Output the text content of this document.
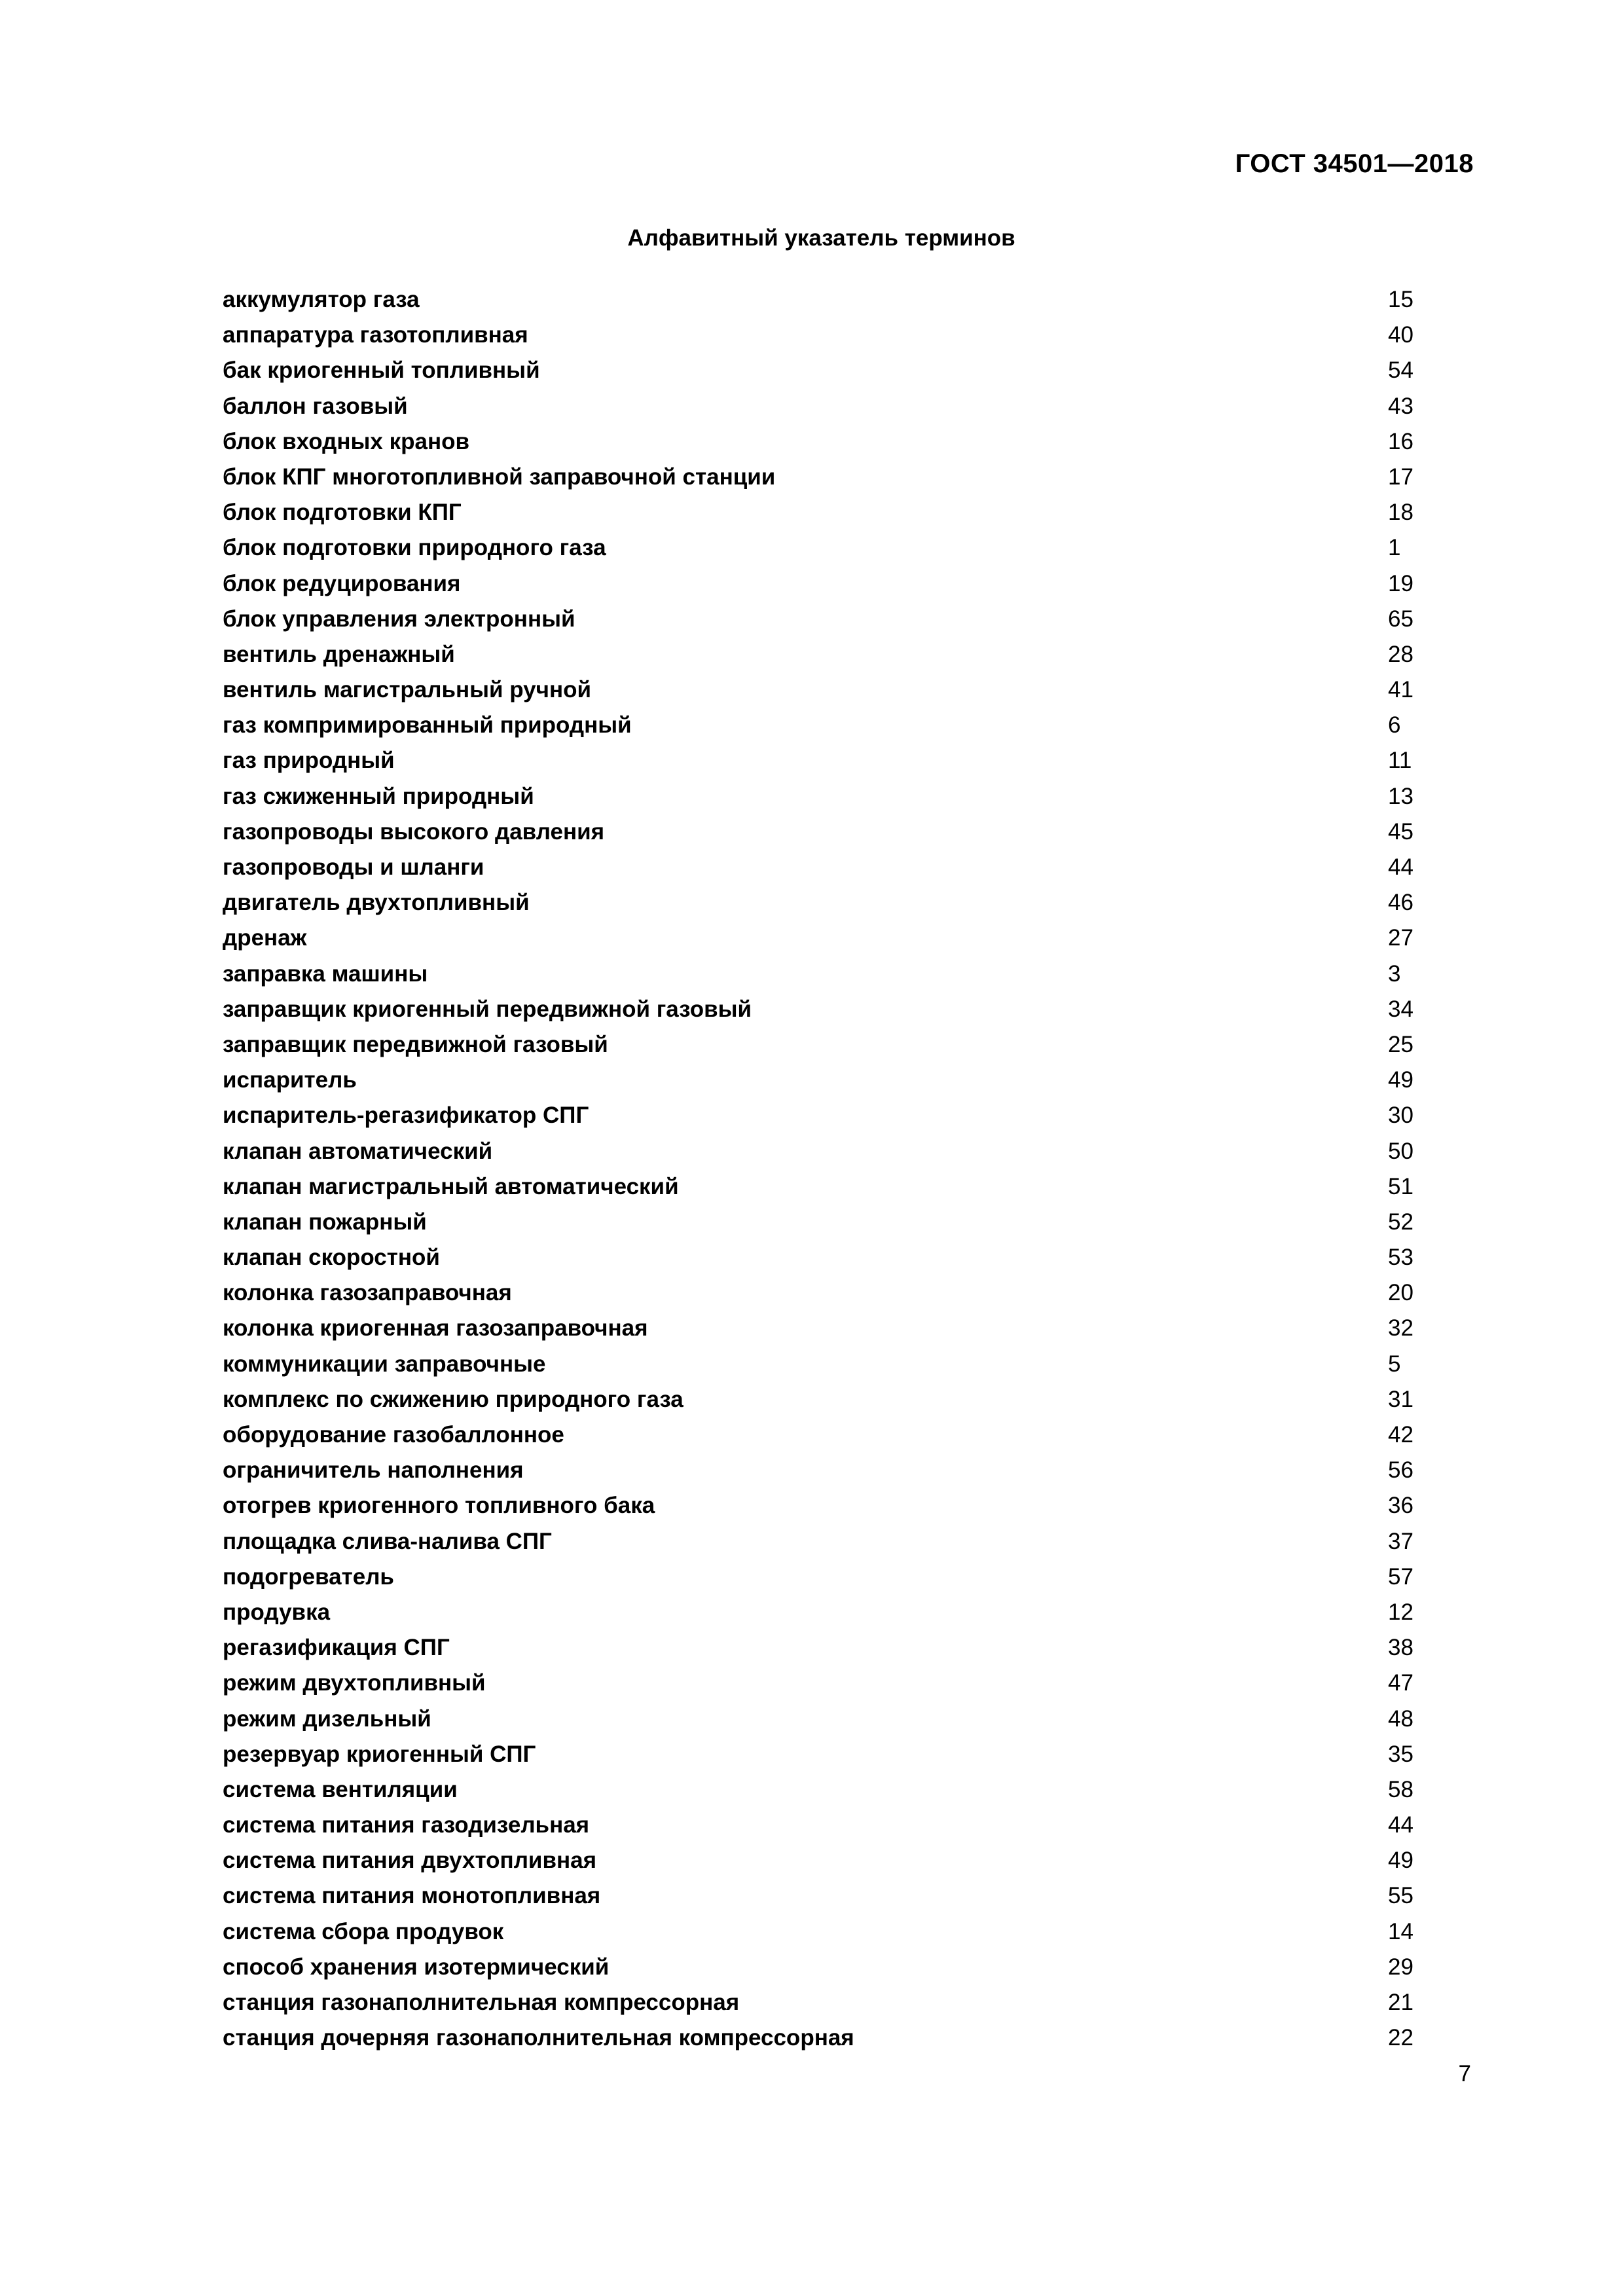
ГОСТ 34501—2018
Алфавитный указатель терминов
аккумулятор газа	15
аппаратура газотопливная	40
бак криогенный топливный	54
баллон газовый	43
блок входных кранов	16
блок КПГ многотопливной заправочной станции	17
блок подготовки КПГ	18
блок подготовки природного газа	1
блок редуцирования	19
блок управления электронный	65
вентиль дренажный	28
вентиль магистральный ручной	41
газ компримированный природный	6
газ природный	11
газ сжиженный природный	13
газопроводы высокого давления	45
газопроводы и шланги	44
двигатель двухтопливный	46
дренаж	27
заправка машины	3
заправщик криогенный передвижной газовый	34
заправщик передвижной газовый	25
испаритель	49
испаритель-регазификатор СПГ	30
клапан автоматический	50
клапан магистральный автоматический	51
клапан пожарный	52
клапан скоростной	53
колонка газозаправочная	20
колонка криогенная газозаправочная	32
коммуникации заправочные	5
комплекс по сжижению природного газа	31
оборудование газобаллонное	42
ограничитель наполнения	56
отогрев криогенного топливного бака	36
площадка слива-налива СПГ	37
подогреватель	57
продувка	12
регазификация СПГ	38
режим двухтопливный	47
режим дизельный	48
резервуар криогенный СПГ	35
система вентиляции	58
система питания газодизельная	44
система питания двухтопливная	49
система питания монотопливная	55
система сбора продувок	14
способ хранения изотермический	29
станция газонаполнительная компрессорная	21
станция дочерняя газонаполнительная компрессорная	22
7
